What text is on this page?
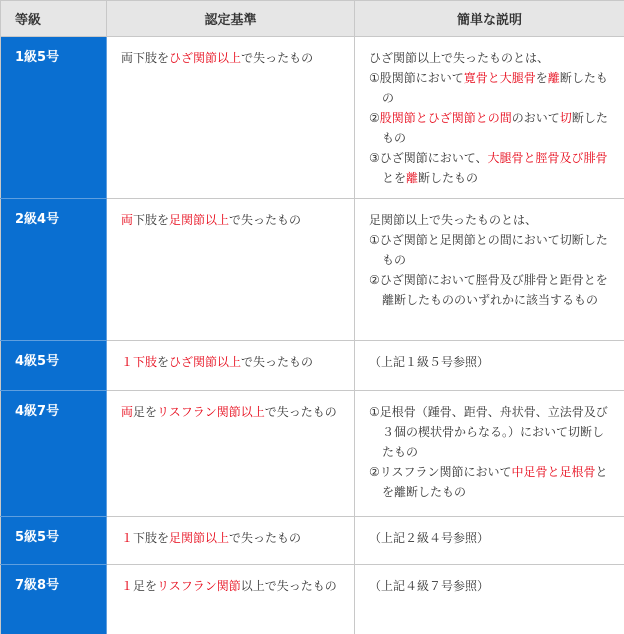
等級	認定基準	簡単な説明
1級5号	両下肢をひざ関節以上で失ったもの	ひざ関節以上で失ったものとは、
①股関節において寛骨と大腿骨を離断したもの
②股関節とひざ関節との間のおいて切断したもの
③ひざ関節において、大腿骨と脛骨及び腓骨とを離断したもの

2級4号	両下肢を足関節以上で失ったもの	足関節以上で失ったものとは、
①ひざ関節と足関節との間において切断したもの
②ひざ関節において脛骨及び腓骨と距骨とを離断したもののいずれかに該当するもの

4級5号	１下肢をひざ関節以上で失ったもの	（上記１級５号参照）

4級7号	両足をリスフラン関節以上で失ったもの	①足根骨（踵骨、距骨、舟状骨、立法骨及び３個の楔状骨からなる。）において切断したもの
②リスフラン関節において中足骨と足根骨とを離断したもの

5級5号	１下肢を足関節以上で失ったもの	（上記２級４号参照）

7級8号	１足をリスフラン関節以上で失ったもの	（上記４級７号参照）
